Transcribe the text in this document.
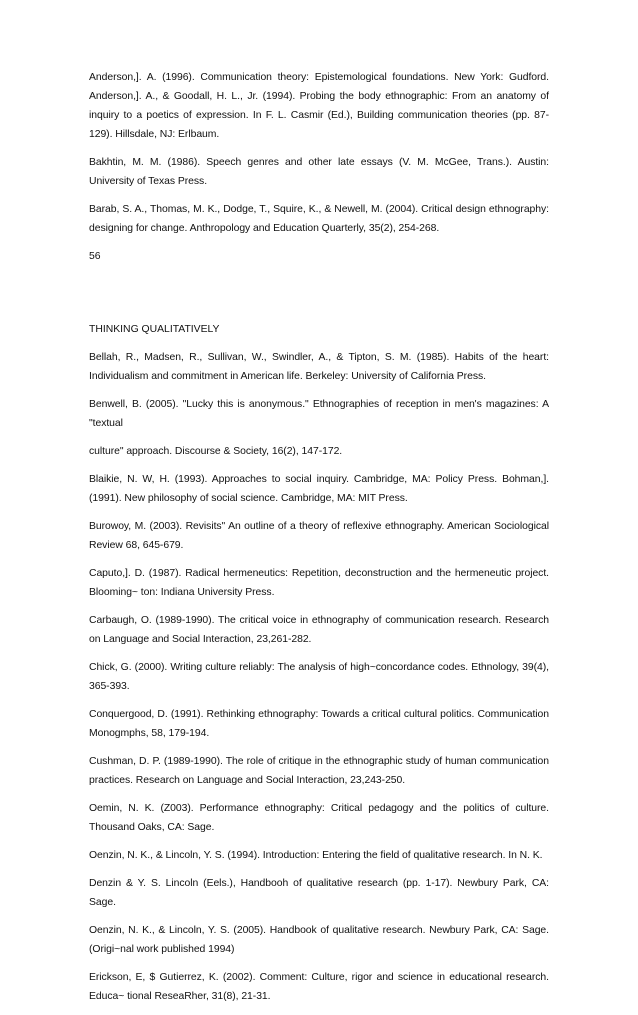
Anderson,]. A. (1996). Communication theory: Epistemological foundations. New York: Gudford. Anderson,]. A., & Goodall, H. L., Jr. (1994). Probing the body ethnographic: From an anatomy of inquiry to a poetics of expression. In F. L. Casmir (Ed.), Building communication theories (pp. 87-129). Hillsdale, NJ: Erlbaum.

Bakhtin, M. M. (1986). Speech genres and other late essays (V. M. McGee, Trans.). Austin: University of Texas Press.

Barab, S. A., Thomas, M. K., Dodge, T., Squire, K., & Newell, M. (2004). Critical design ethnography: designing for change. Anthropology and Education Quarterly, 35(2), 254-268.

56

THINKING QUALITATIVELY

Bellah, R., Madsen, R., Sullivan, W., Swindler, A., & Tipton, S. M. (1985). Habits of the heart: Individualism and commitment in American life. Berkeley: University of California Press.

Benwell, B. (2005). "Lucky this is anonymous." Ethnographies of reception in men's magazines: A "textual

culture" approach. Discourse & Society, 16(2), 147-172.

Blaikie, N. W, H. (1993). Approaches to social inquiry. Cambridge, MA: Policy Press. Bohman,]. (1991). New philosophy of social science. Cambridge, MA: MIT Press.

Burowoy, M. (2003). Revisits" An outline of a theory of reflexive ethnography. American Sociological Review 68, 645-679.

Caputo,]. D. (1987). Radical hermeneutics: Repetition, deconstruction and the hermeneutic project. Blooming~ ton: Indiana University Press.

Carbaugh, O. (1989-1990). The critical voice in ethnography of communication research. Research on Language and Social Interaction, 23,261-282.

Chick, G. (2000). Writing culture reliably: The analysis of high~concordance codes. Ethnology, 39(4), 365-393.

Conquergood, D. (1991). Rethinking ethnography: Towards a critical cultural politics. Communication Monogmphs, 58, 179-194.

Cushman, D. P. (1989-1990). The role of critique in the ethnographic study of human communication practices. Research on Language and Social Interaction, 23,243-250.

Oemin, N. K. (Z003). Performance ethnography: Critical pedagogy and the politics of culture. Thousand Oaks, CA: Sage.

Oenzin, N. K., & Lincoln, Y. S. (1994). Introduction: Entering the field of qualitative research. In N. K.

Denzin & Y. S. Lincoln (Eels.), Handbooh of qualitative research (pp. 1-17). Newbury Park, CA: Sage.

Oenzin, N. K., & Lincoln, Y. S. (2005). Handbook of qualitative research. Newbury Park, CA: Sage. (Origi~nal work published 1994)

Erickson, E, $ Gutierrez, K. (2002). Comment: Culture, rigor and science in educational research. Educa~ tional ReseaRher, 31(8), 21-31.
